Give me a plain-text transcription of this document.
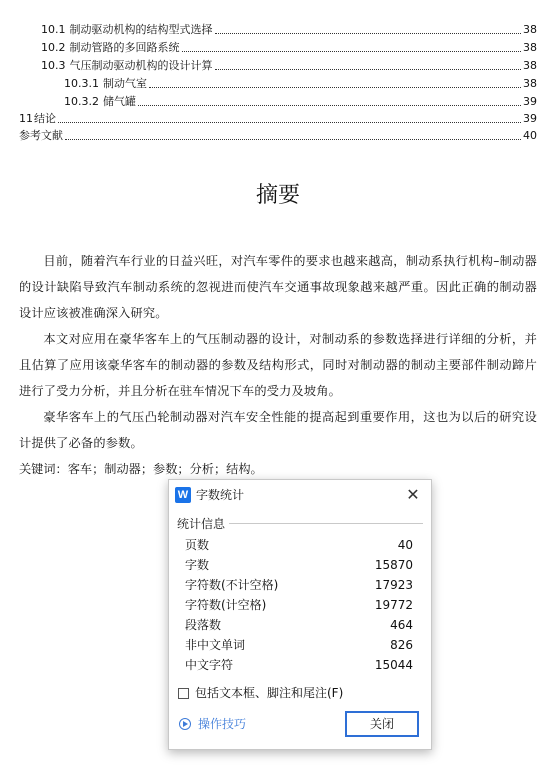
10.1 制动驱动机构的结构型式选择	38
10.2 制动管路的多回路系统	38
10.3 气压制动驱动机构的设计计算	38
10.3.1 制动气室	38
10.3.2 储气罐	39
11 结论	39
参考文献	40
摘要
目前，随着汽车行业的日益兴旺，对汽车零件的要求也越来越高，制动系执行机构–制动器的设计缺陷导致汽车制动系统的忽视进而使汽车交通事故现象越来越严重。因此正确的制动器设计应该被准确深入研究。
本文对应用在豪华客车上的气压制动器的设计，对制动系的参数选择进行详细的分析，并且估算了应用该豪华客车的制动器的参数及结构形式，同时对制动器的制动主要部件制动蹄片进行了受力分析，并且分析在驻车情况下车的受力及坡角。
豪华客车上的气压凸轮制动器对汽车安全性能的提高起到重要作用，这也为以后的研究设计提供了必备的参数。
关键词：客车；制动器；参数；分析；结构。
W 字数统计	✕
统计信息
页数	40
字数	15870
字符数(不计空格)	17923
字符数(计空格)	19772
段落数	464
非中文单词	826
中文字符	15044
包括文本框、脚注和尾注(F)
操作技巧	关闭
